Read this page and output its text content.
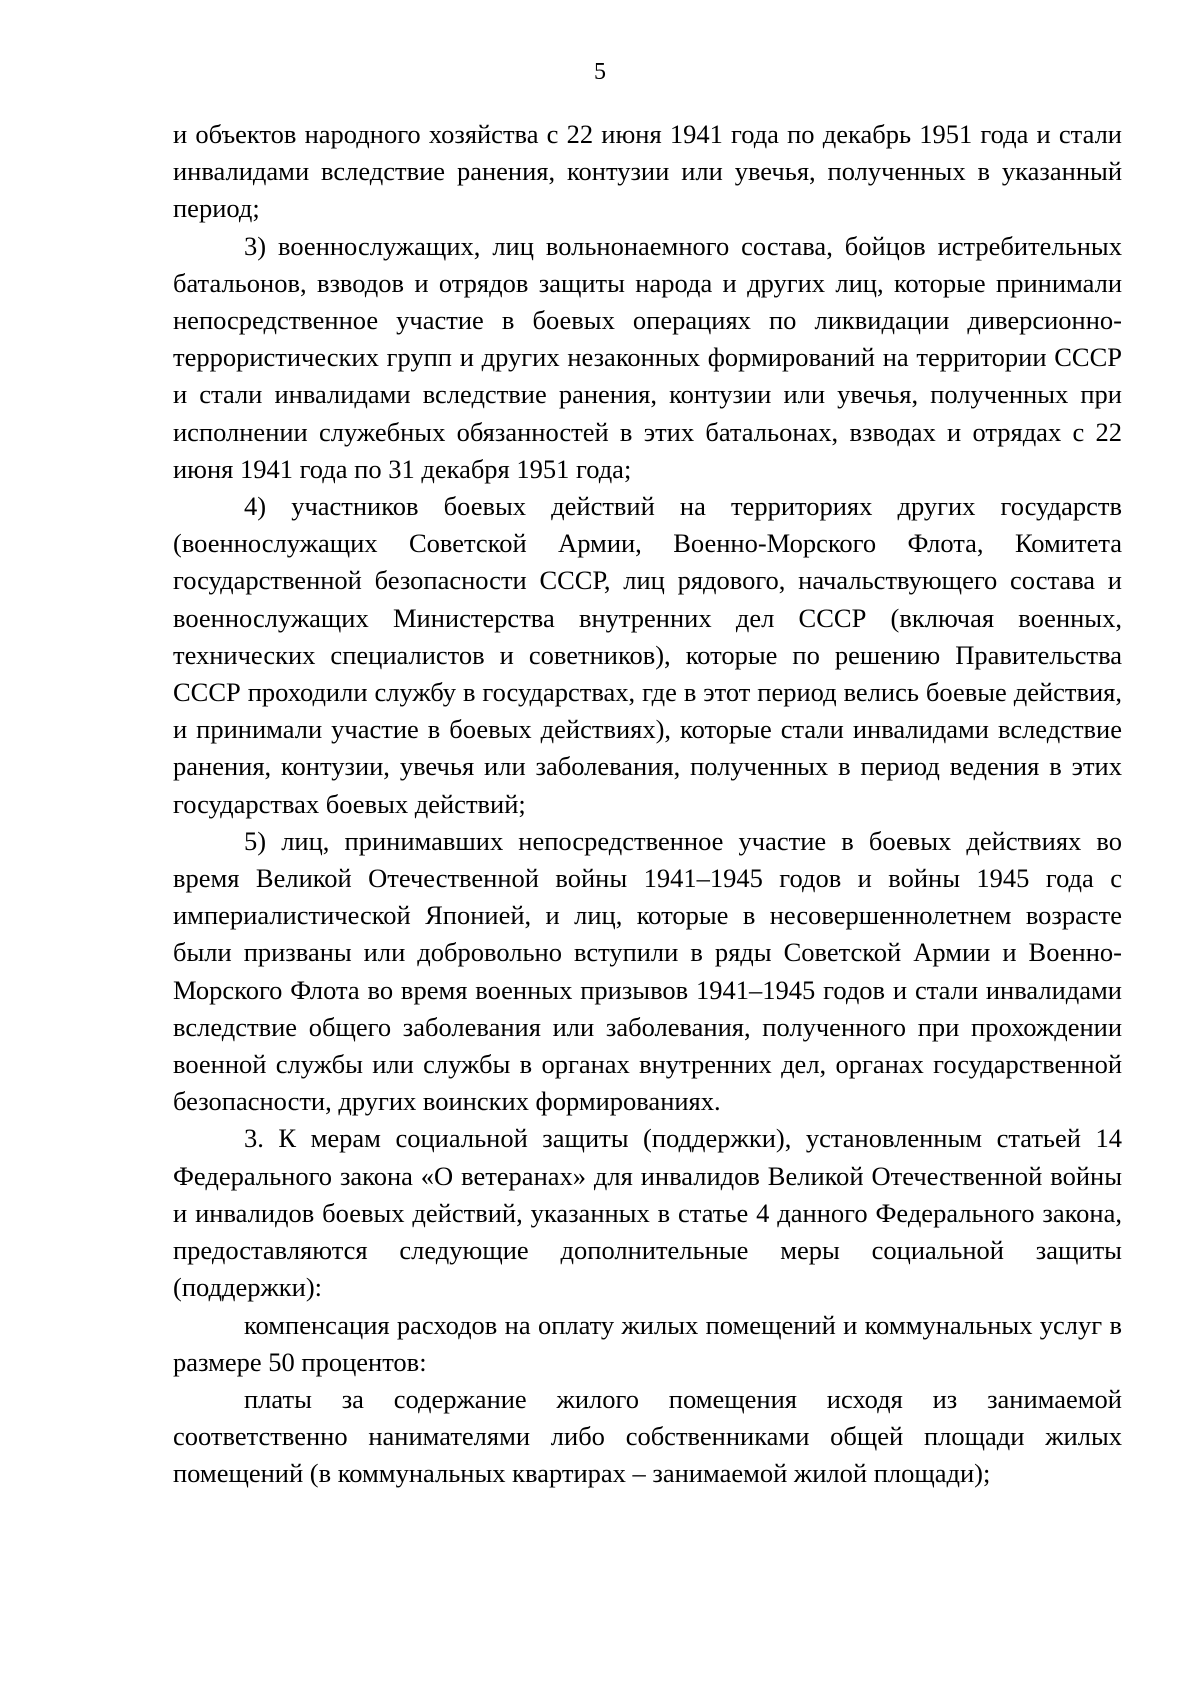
5

и объектов народного хозяйства с 22 июня 1941 года по декабрь 1951 года и стали инвалидами вследствие ранения, контузии или увечья, полученных в указанный период;

3) военнослужащих, лиц вольнонаемного состава, бойцов истребительных батальонов, взводов и отрядов защиты народа и других лиц, которые принимали непосредственное участие в боевых операциях по ликвидации диверсионно-террористических групп и других незаконных формирований на территории СССР и стали инвалидами вследствие ранения, контузии или увечья, полученных при исполнении служебных обязанностей в этих батальонах, взводах и отрядах с 22 июня 1941 года по 31 декабря 1951 года;

4) участников боевых действий на территориях других государств (военнослужащих Советской Армии, Военно-Морского Флота, Комитета государственной безопасности СССР, лиц рядового, начальствующего состава и военнослужащих Министерства внутренних дел СССР (включая военных, технических специалистов и советников), которые по решению Правительства СССР проходили службу в государствах, где в этот период велись боевые действия, и принимали участие в боевых действиях), которые стали инвалидами вследствие ранения, контузии, увечья или заболевания, полученных в период ведения в этих государствах боевых действий;

5) лиц, принимавших непосредственное участие в боевых действиях во время Великой Отечественной войны 1941–1945 годов и войны 1945 года с империалистической Японией, и лиц, которые в несовершеннолетнем возрасте были призваны или добровольно вступили в ряды Советской Армии и Военно-Морского Флота во время военных призывов 1941–1945 годов и стали инвалидами вследствие общего заболевания или заболевания, полученного при прохождении военной службы или службы в органах внутренних дел, органах государственной безопасности, других воинских формированиях.

3. К мерам социальной защиты (поддержки), установленным статьей 14 Федерального закона «О ветеранах» для инвалидов Великой Отечественной войны и инвалидов боевых действий, указанных в статье 4 данного Федерального закона, предоставляются следующие дополнительные меры социальной защиты (поддержки):

компенсация расходов на оплату жилых помещений и коммунальных услуг в размере 50 процентов:

платы за содержание жилого помещения исходя из занимаемой соответственно нанимателями либо собственниками общей площади жилых помещений (в коммунальных квартирах – занимаемой жилой площади);
